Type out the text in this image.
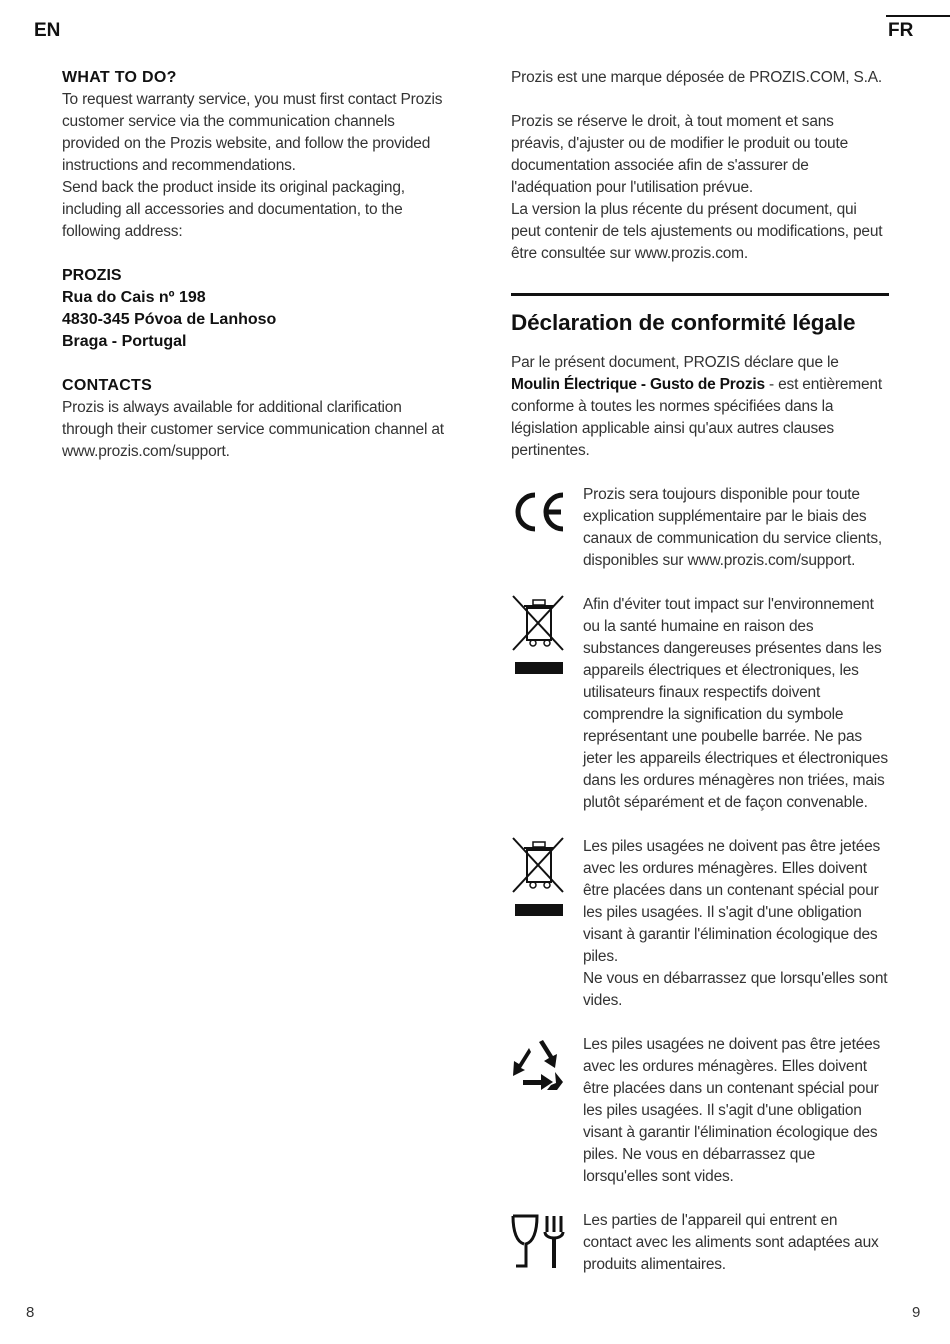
EN	FR

WHAT TO DO?

To request warranty service, you must first contact Prozis customer service via the communication channels provided on the Prozis website, and follow the provided instructions and recommendations.

Send back the product inside its original packaging, including all accessories and documentation, to the following address:

PROZIS

Rua do Cais nº 198

4830-345 Póvoa de Lanhoso

Braga - Portugal

CONTACTS

Prozis is always available for additional clarification through their customer service communication channel at www.prozis.com/support.

Prozis est une marque déposée de PROZIS.COM, S.A.

Prozis se réserve le droit, à tout moment et sans préavis, d'ajuster ou de modifier le produit ou toute documentation associée afin de s'assurer de l'adéquation pour l'utilisation prévue.

La version la plus récente du présent document, qui peut contenir de tels ajustements ou modifications, peut être consultée sur www.prozis.com.

Déclaration de conformité légale

Par le présent document, PROZIS déclare que le Moulin Électrique - Gusto de Prozis - est entièrement conforme à toutes les normes spécifiées dans la législation applicable ainsi qu'aux autres clauses pertinentes.

Prozis sera toujours disponible pour toute explication supplémentaire par le biais des canaux de communication du service clients, disponibles sur www.prozis.com/support.

Afin d'éviter tout impact sur l'environnement ou la santé humaine en raison des substances dangereuses présentes dans les appareils électriques et électroniques, les utilisateurs finaux respectifs doivent comprendre la signification du symbole représentant une poubelle barrée. Ne pas jeter les appareils électriques et électroniques dans les ordures ménagères non triées, mais plutôt séparément et de façon convenable.

Les piles usagées ne doivent pas être jetées avec les ordures ménagères. Elles doivent être placées dans un contenant spécial pour les piles usagées. Il s'agit d'une obligation visant à garantir l'élimination écologique des piles.

Ne vous en débarrassez que lorsqu'elles sont vides.

Les piles usagées ne doivent pas être jetées avec les ordures ménagères. Elles doivent être placées dans un contenant spécial pour les piles usagées. Il s'agit d'une obligation visant à garantir l'élimination écologique des piles. Ne vous en débarrassez que lorsqu'elles sont vides.

Les parties de l'appareil qui entrent en contact avec les aliments sont adaptées aux produits alimentaires.

8	9
